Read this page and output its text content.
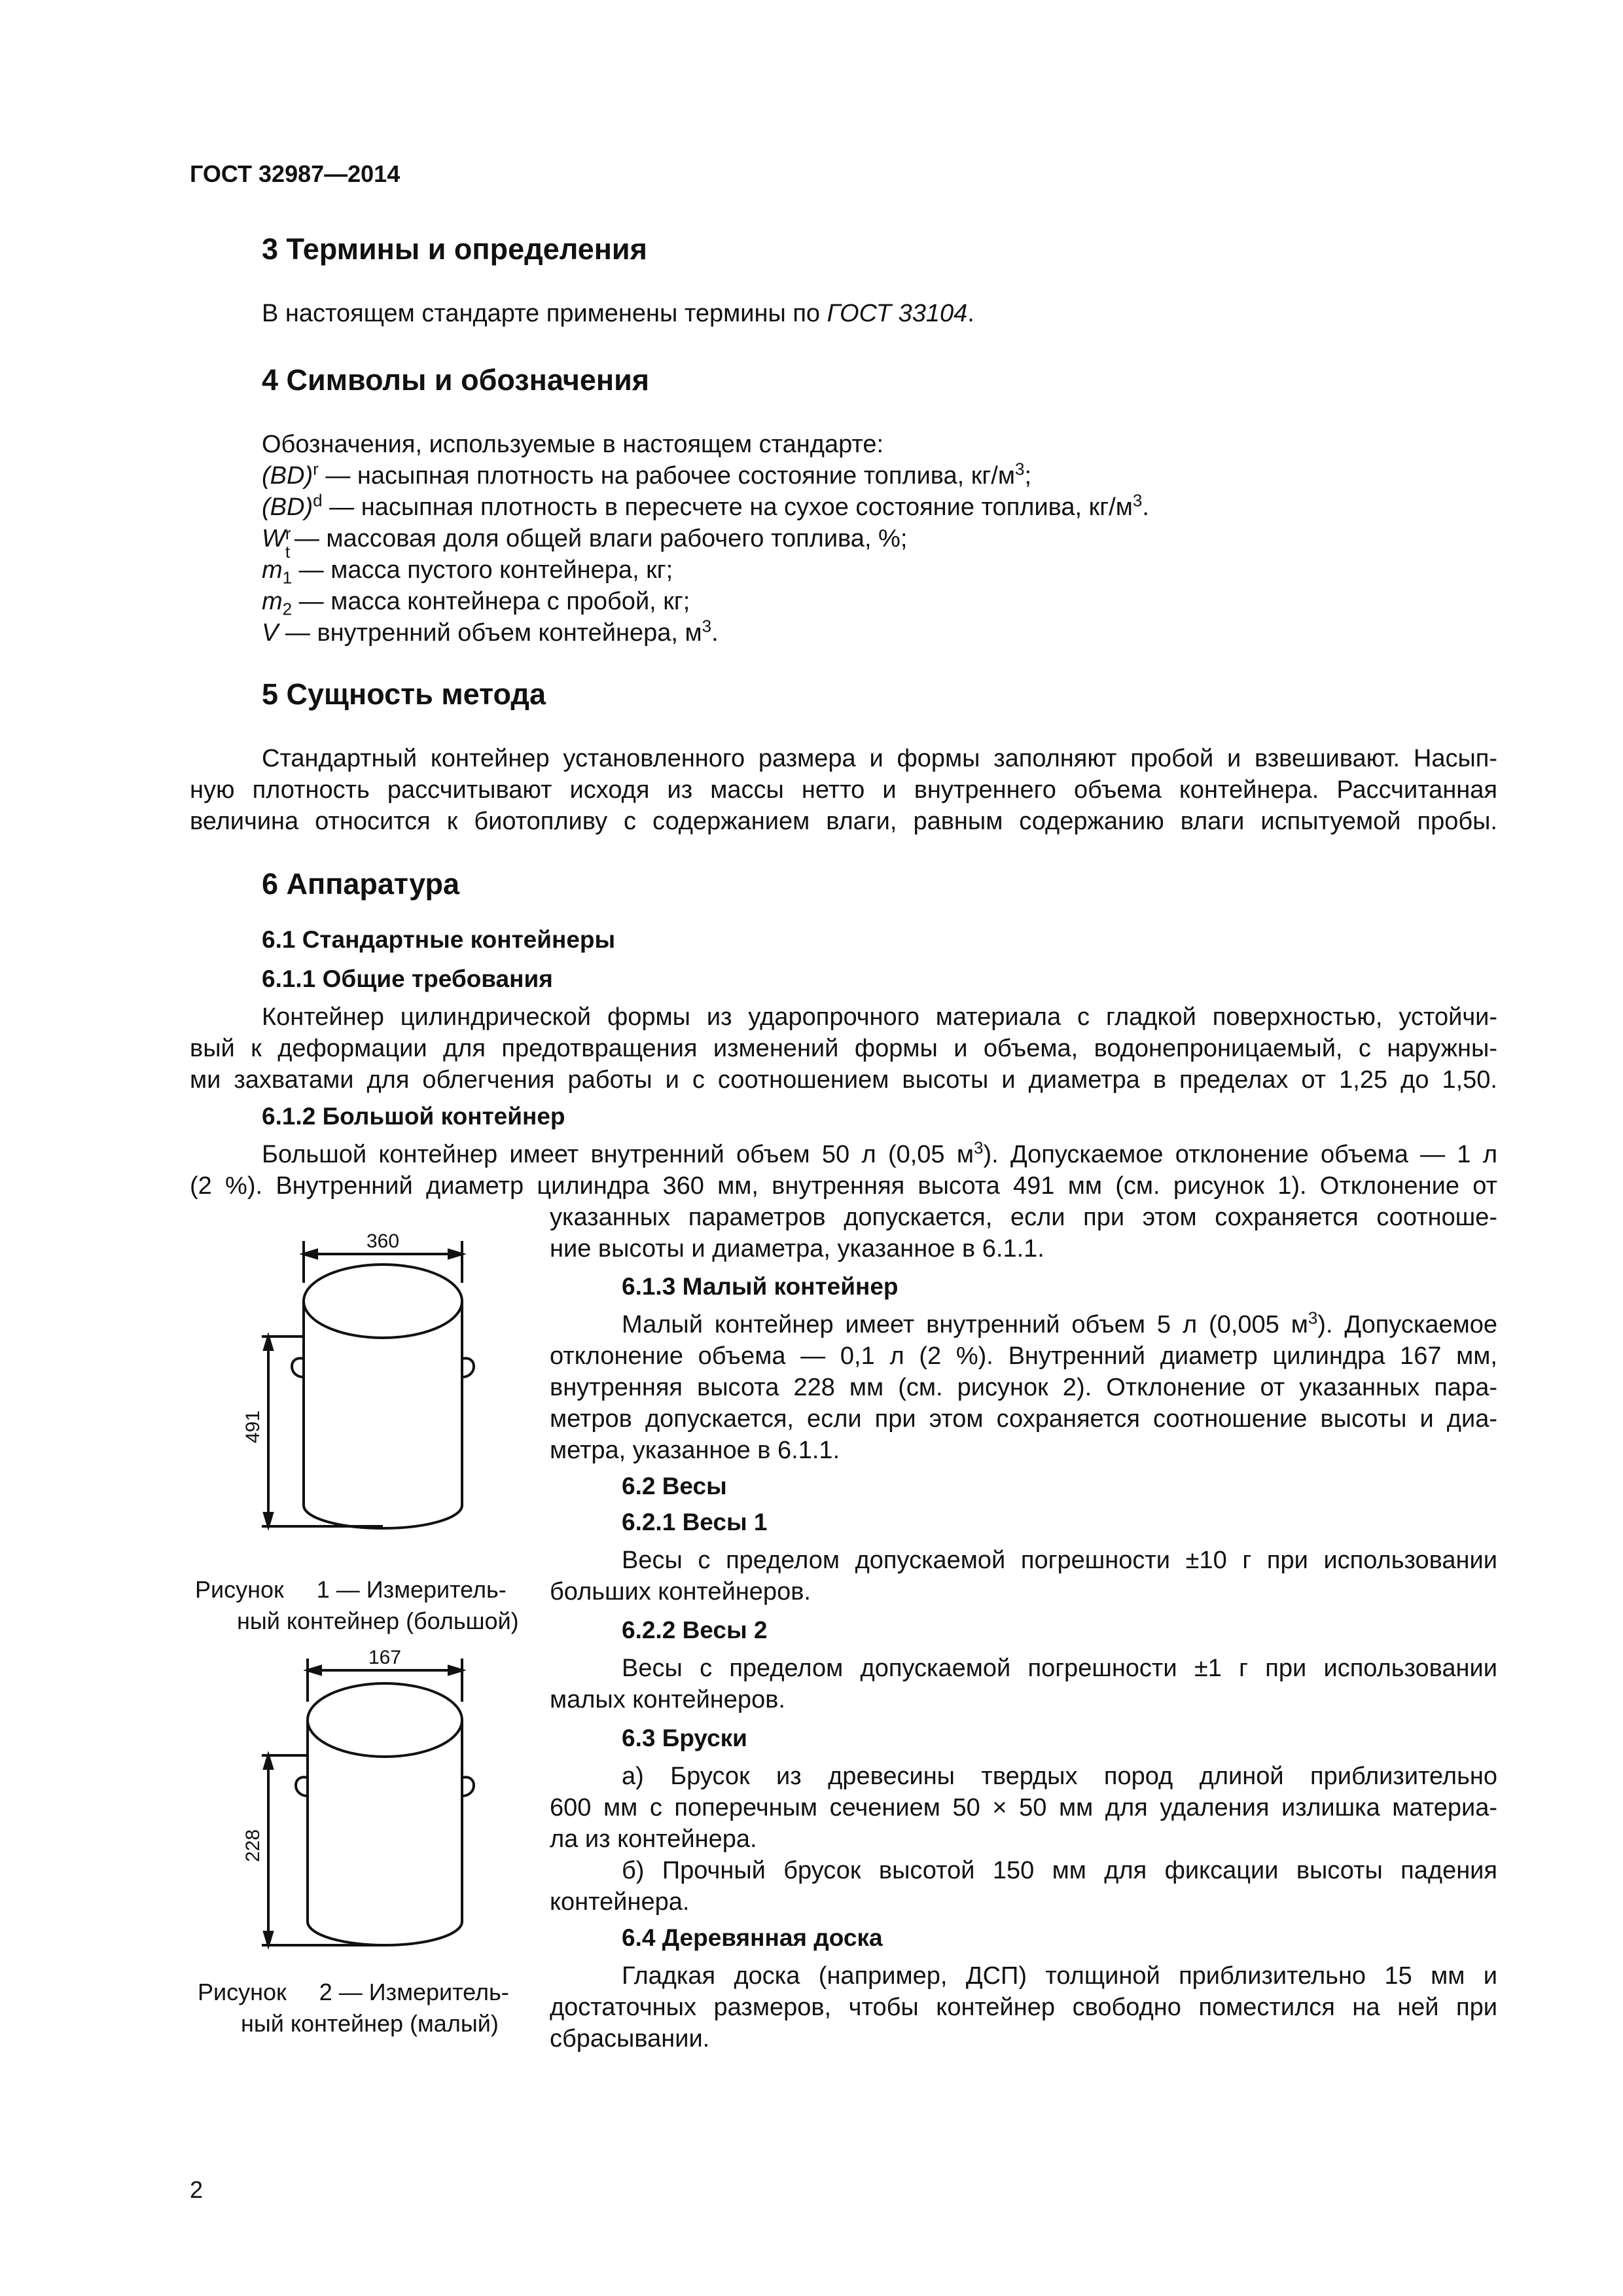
ГОСТ 32987—2014
3 Термины и определения
В настоящем стандарте применены термины по ГОСТ 33104.
4 Символы и обозначения
Обозначения, используемые в настоящем стандарте:
(BD)$^r$ — насыпная плотность на рабочее состояние топлива, $кг/м^3$;
(BD)$^d$ — насыпная плотность в пересчете на сухое состояние топлива, $кг/м^3$.
W r
t — массовая доля общей влаги рабочего топлива, %;
$m_1$ — масса пустого контейнера, кг;
$m_2$ — масса контейнера с пробой, кг;
V — внутренний объем контейнера, $м^3$.
5 Сущность метода
Стандартный контейнер установленного размера и формы заполняют пробой и взвешивают. Насып-
ную плотность рассчитывают исходя из массы нетто и внутреннего объема контейнера. Рассчитанная
величина относится к биотопливу с содержанием влаги, равным содержанию влаги испытуемой пробы.
6 Аппаратура
6.1 Стандартные контейнеры
6.1.1 Общие требования
Контейнер цилиндрической формы из ударопрочного материала с гладкой поверхностью, устойчи-
вый к деформации для предотвращения изменений формы и объема, водонепроницаемый, с наружны-
ми захватами для облегчения работы и с соотношением высоты и диаметра в пределах от 1,25 до 1,50.
6.1.2 Большой контейнер
Большой контейнер имеет внутренний объем 50 л (0,05 $м^3$). Допускаемое отклонение объема — 1 л
(2 %). Внутренний диаметр цилиндра 360 мм, внутренняя высота 491 мм (см. рисунок 1). Отклонение от
указанных параметров допускается, если при этом сохраняется соотноше-
ние высоты и диаметра, указанное в 6.1.1.
6.1.3 Малый контейнер
Малый контейнер имеет внутренний объем 5 л (0,005 $м^3$). Допускаемое
отклонение объема — 0,1 л (2 %). Внутренний диаметр цилиндра 167 мм,
внутренняя высота 228 мм (см. рисунок 2). Отклонение от указанных пара-
метров допускается, если при этом сохраняется соотношение высоты и диа-
метра, указанное в 6.1.1.
6.2 Весы
6.2.1 Весы 1
Весы с пределом допускаемой погрешности ±10 г при использовании
больших контейнеров.
6.2.2 Весы 2
Весы с пределом допускаемой погрешности ±1 г при использовании
малых контейнеров.
6.3 Бруски
а) Брусок из древесины твердых пород длиной приблизительно
600 мм с поперечным сечением 50 × 50 мм для удаления излишка материа-
ла из контейнера.
б) Прочный брусок высотой 150 мм для фиксации высоты падения
контейнера.
6.4 Деревянная доска
Гладкая доска (например, ДСП) толщиной приблизительно 15 мм и
достаточных размеров, чтобы контейнер свободно поместился на ней при
сбрасывании.
360
491
Рисунок     1 — Измеритель-
ный контейнер (большой)
167
228
Рисунок     2 — Измеритель-
ный контейнер (малый)
2
